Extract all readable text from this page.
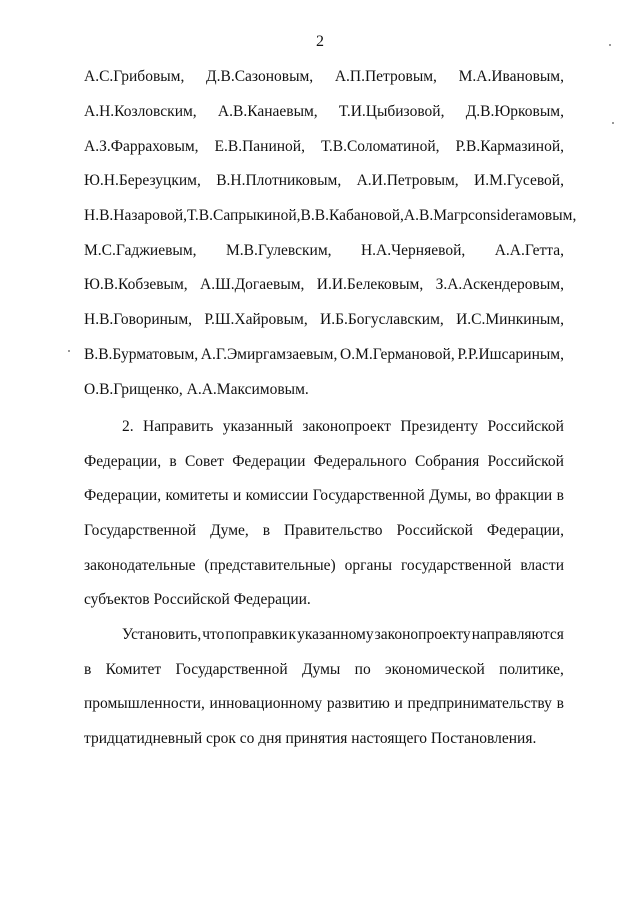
2
А.С.Грибовым, Д.В.Сазоновым, А.П.Петровым, М.А.Ивановым,
А.Н.Козловским, А.В.Канаевым, Т.И.Цыбизовой, Д.В.Юрковым,
А.З.Фарраховым, Е.В.Паниной, Т.В.Соломатиной, Р.В.Кармазиной,
Ю.Н.Березуцким, В.Н.Плотниковым, А.И.Петровым, И.М.Гусевой,
Н.В.Назаровой, Т.В.Сапрыкиной, В.В.Кабановой, А.В.Магрconsiderамовым,
М.С.Гаджиевым, М.В.Гулевским, Н.А.Черняевой, А.А.Гетта,
Ю.В.Кобзевым, А.Ш.Догаевым, И.И.Белековым, З.А.Аскендеровым,
Н.В.Говориным, Р.Ш.Хайровым, И.Б.Богуславским, И.С.Минкиным,
В.В.Бурматовым, А.Г.Эмиргамзаевым, О.М.Германовой, Р.Р.Ишсариным,
О.В.Грищенко, А.А.Максимовым.
2. Направить указанный законопроект Президенту Российской
Федерации, в Совет Федерации Федерального Собрания Российской
Федерации, комитеты и комиссии Государственной Думы, во фракции в
Государственной Думе, в Правительство Российской Федерации,
законодательные (представительные) органы государственной власти
субъектов Российской Федерации.
Установить, что поправки к указанному законопроекту направляются
в Комитет Государственной Думы по экономической политике,
промышленности, инновационному развитию и предпринимательству в
тридцатидневный срок со дня принятия настоящего Постановления.
